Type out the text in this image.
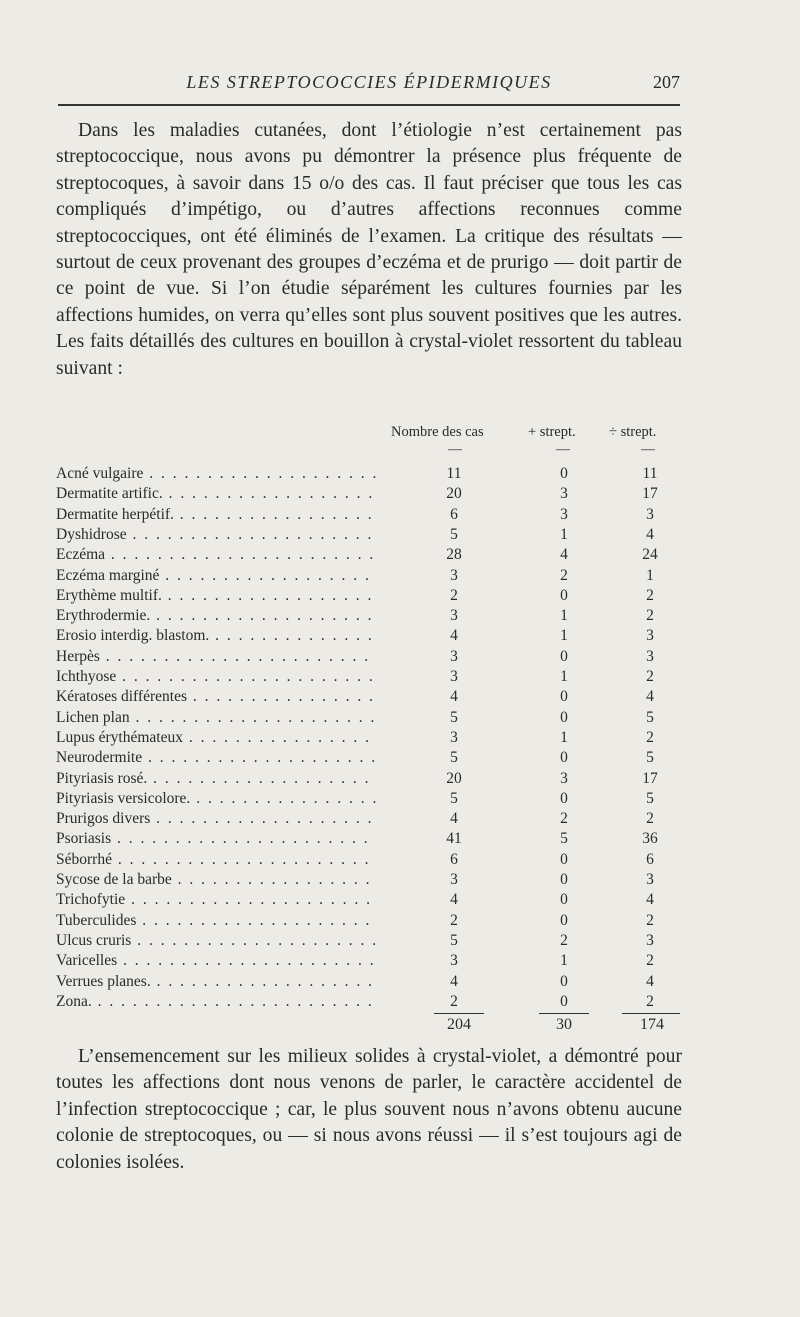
LES STREPTOCOCCIES ÉPIDERMIQUES	207
Dans les maladies cutanées, dont l’étiologie n’est certainement pas streptococcique, nous avons pu démontrer la présence plus fréquente de streptocoques, à savoir dans 15 o/o des cas. Il faut préciser que tous les cas compliqués d’impétigo, ou d’autres affections reconnues comme streptococciques, ont été éliminés de l’examen. La critique des résultats — surtout de ceux provenant des groupes d’eczéma et de prurigo — doit partir de ce point de vue. Si l’on étudie séparément les cultures fournies par les affections humides, on verra qu’elles sont plus souvent positives que les autres. Les faits détaillés des cultures en bouillon à crystal-violet ressortent du tableau suivant :
Nombre des cas	+ strept. ÷ strept.
—	—	—
Acné vulgaire . . .	11	0	11
Dermatite artific. . . .	20	3	17
Dermatite herpétif. . . .	6	3	3
Dyshidrose . . .	5	1	4
Eczéma . . .	28	4	24
Eczéma marginé . . .	3	2	1
Erythème multif. . . .	2	0	2
Erythrodermie. . . .	3	1	2
Erosio interdig. blastom. . . .	4	1	3
Herpès . . .	3	0	3
Ichthyose . . .	3	1	2
Kératoses différentes . . .	4	0	4
Lichen plan . . .	5	0	5
Lupus érythémateux . . .	3	1	2
Neurodermite . . .	5	0	5
Pityriasis rosé. . . .	20	3	17
Pityriasis versicolore. . . .	5	0	5
Prurigos divers . . .	4	2	2
Psoriasis . . .	41	5	36
Séborrhé . . .	6	0	6
Sycose de la barbe . . .	3	0	3
Trichofytie . . .	4	0	4
Tuberculides . . .	2	0	2
Ulcus cruris . . .	5	2	3
Varicelles . . .	3	1	2
Verrues planes. . . .	4	0	4
Zona. . . .	2	0	2
204	30	174
L’ensemencement sur les milieux solides à crystal-violet, a démontré pour toutes les affections dont nous venons de parler, le caractère accidentel de l’infection streptococcique ; car, le plus souvent nous n’avons obtenu aucune colonie de streptocoques, ou — si nous avons réussi — il s’est toujours agi de colonies isolées.
